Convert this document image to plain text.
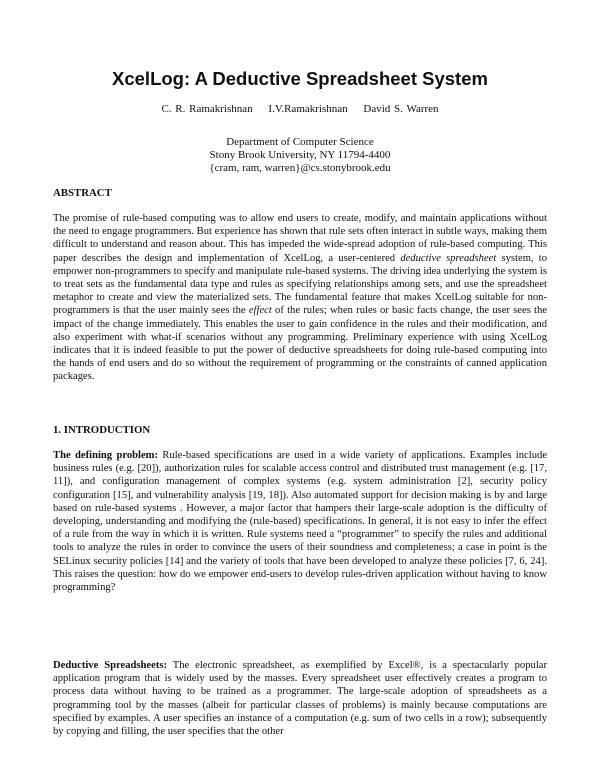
XcelLog: A Deductive Spreadsheet System
C. R. Ramakrishnan I.V.Ramakrishnan David S. Warren
Department of Computer Science
Stony Brook University, NY 11794-4400
{cram, ram, warren}@cs.stonybrook.edu
ABSTRACT
The promise of rule-based computing was to allow end users to create, modify, and maintain applications without the need to engage programmers. But experience has shown that rule sets often interact in subtle ways, making them difficult to understand and reason about. This has impeded the wide-spread adoption of rule-based computing. This paper describes the design and implementation of XcelLog, a user-centered deductive spreadsheet system, to empower non-programmers to specify and manipulate rule-based systems. The driving idea underlying the system is to treat sets as the fundamental data type and rules as specifying relationships among sets, and use the spreadsheet metaphor to create and view the materialized sets. The fundamental feature that makes XcelLog suitable for non-programmers is that the user mainly sees the effect of the rules; when rules or basic facts change, the user sees the impact of the change immediately. This enables the user to gain confidence in the rules and their modification, and also experiment with what-if scenarios without any programming. Preliminary experience with using XcelLog indicates that it is indeed feasible to put the power of deductive spreadsheets for doing rule-based computing into the hands of end users and do so without the requirement of programming or the constraints of canned application packages.
1. INTRODUCTION
The defining problem: Rule-based specifications are used in a wide variety of applications. Examples include business rules (e.g. [20]), authorization rules for scalable access control and distributed trust management (e.g. [17, 11]), and configuration management of complex systems (e.g. system administration [2], security policy configuration [15], and vulnerability analysis [19, 18]). Also automated support for decision making is by and large based on rule-based systems . However, a major factor that hampers their large-scale adoption is the difficulty of developing, understanding and modifying the (rule-based) specifications. In general, it is not easy to infer the effect of a rule from the way in which it is written. Rule systems need a “programmer” to specify the rules and additional tools to analyze the rules in order to convince the users of their soundness and completeness; a case in point is the SELinux security policies [14] and the variety of tools that have been developed to analyze these policies [7, 6, 24]. This raises the question: how do we empower end-users to develop rules-driven application without having to know programming?
Deductive Spreadsheets: The electronic spreadsheet, as exemplified by Excel®, is a spectacularly popular application program that is widely used by the masses. Every spreadsheet user effectively creates a program to process data without having to be trained as a programmer. The large-scale adoption of spreadsheets as a programming tool by the masses (albeit for particular classes of problems) is mainly because computations are specified by examples. A user specifies an instance of a computation (e.g. sum of two cells in a row); subsequently by copying and filling, the user specifies that the other
